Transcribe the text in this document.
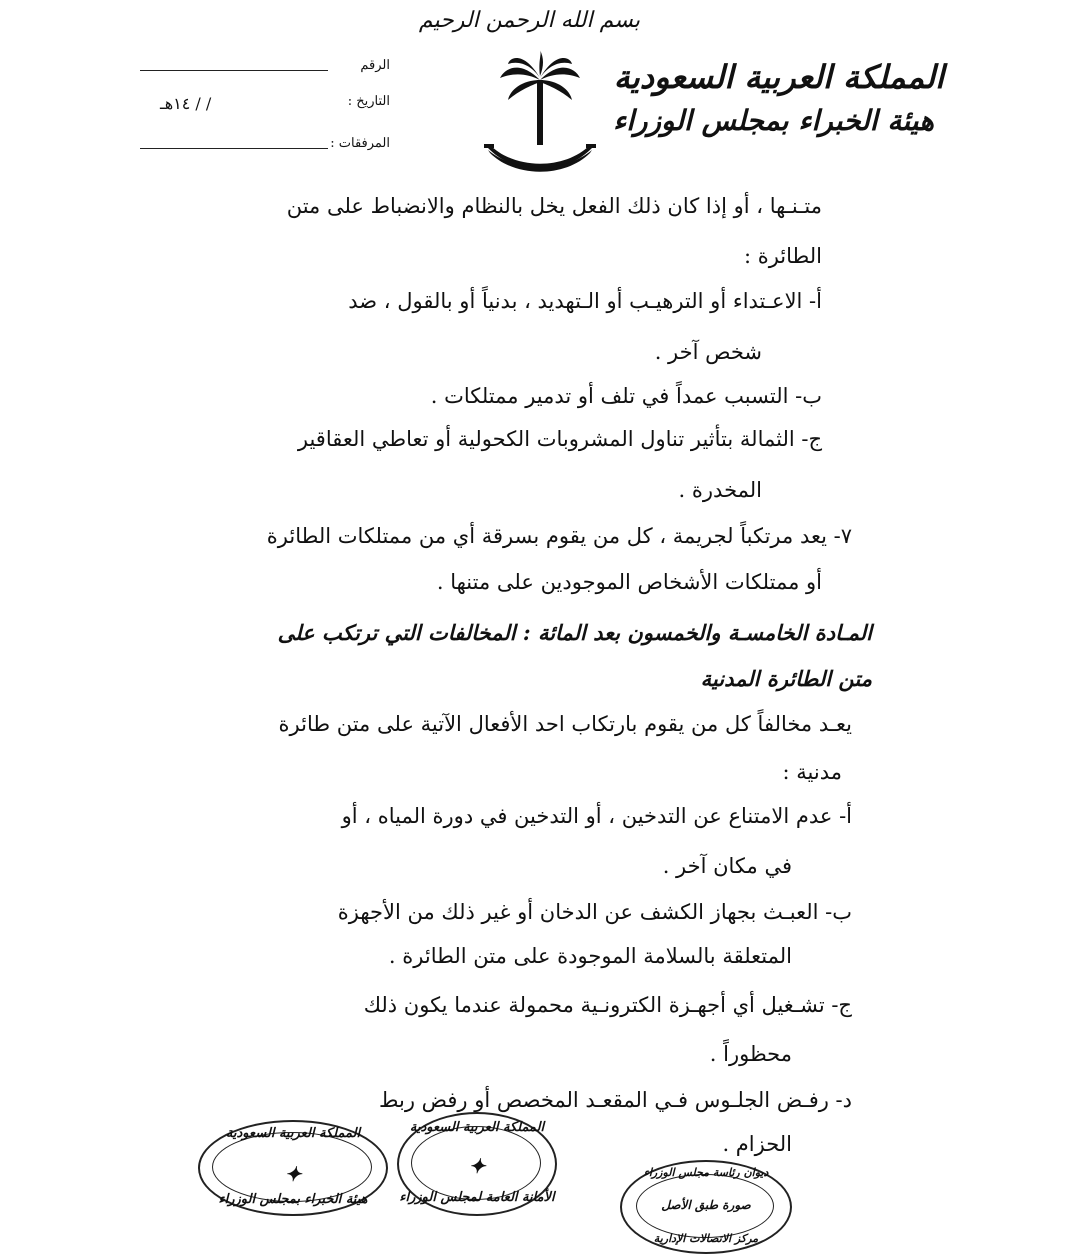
بسم الله الرحمن الرحيم
المملكة العربية السعودية
هيئة الخبراء بمجلس الوزراء
الرقم
التاريخ :
/ / ١٤هـ
المرفقات :
متـنـها ، أو إذا كان ذلك الفعل يخل بالنظام والانضباط على متن
الطائرة :
أ- الاعـتداء أو الترهيـب أو الـتهديد ، بدنياً أو بالقول ، ضد
شخص آخر .
ب- التسبب عمداً في تلف أو تدمير ممتلكات .
ج- الثمالة بتأثير تناول المشروبات الكحولية أو تعاطي العقاقير
المخدرة .
٧- يعد مرتكباً لجريمة ، كل من يقوم بسرقة أي من ممتلكات الطائرة
أو ممتلكات الأشخاص الموجودين على متنها .
المـادة الخامسـة والخمسون بعد المائة : المخالفات التي ترتكب على
متن الطائرة المدنية
يعـد مخالفاً كل من يقوم بارتكاب احد الأفعال الآتية على متن طائرة
مدنية :
أ- عدم الامتناع عن التدخين ، أو التدخين في دورة المياه ، أو
في مكان آخر .
ب- العبـث بجهاز الكشف عن الدخان أو غير ذلك من الأجهزة
المتعلقة بالسلامة الموجودة على متن الطائرة .
ج- تشـغيل أي أجهـزة الكترونـية محمولة عندما يكون ذلك
محظوراً .
د- رفـض الجلـوس فـي المقعـد المخصص أو رفض ربط
الحزام .
المملكة العربية السعودية
✦
هيئة الخبراء بمجلس الوزراء
المملكة العربية السعودية
✦
الأمانة العامة لمجلس الوزراء
ديوان رئاسة مجلس الوزراء
صورة طبق الأصل
مركز الاتصالات الإدارية
